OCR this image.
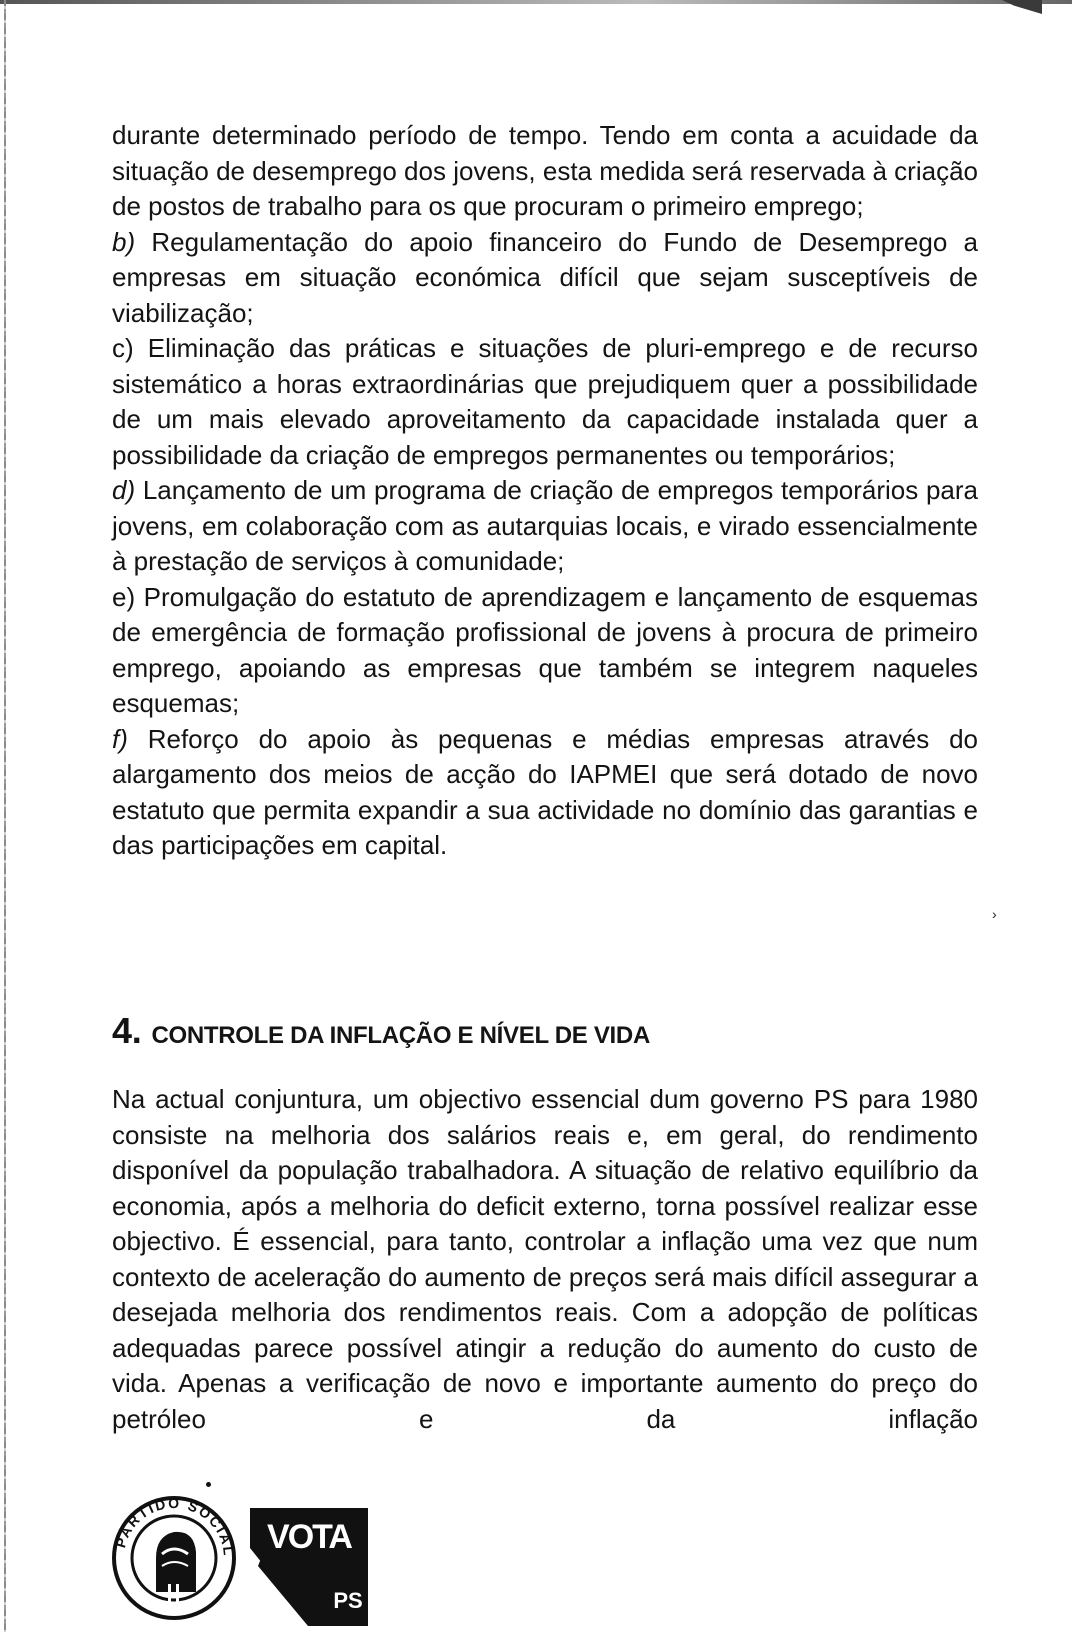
durante determinado período de tempo. Tendo em conta a acuidade da situação de desemprego dos jovens, esta medida será reservada à criação de postos de trabalho para os que procuram o primeiro emprego;

b) Regulamentação do apoio financeiro do Fundo de Desemprego a empresas em situação económica difícil que sejam susceptíveis de viabilização;

c) Eliminação das práticas e situações de pluri-emprego e de recurso sistemático a horas extraordinárias que prejudiquem quer a possibilidade de um mais elevado aproveitamento da capacidade instalada quer a possibilidade da criação de empregos permanentes ou temporários;

d) Lançamento de um programa de criação de empregos temporários para jovens, em colaboração com as autarquias locais, e virado essencialmente à prestação de serviços à comunidade;

e) Promulgação do estatuto de aprendizagem e lançamento de esquemas de emergência de formação profissional de jovens à procura de primeiro emprego, apoiando as empresas que também se integrem naqueles esquemas;

f) Reforço do apoio às pequenas e médias empresas através do alargamento dos meios de acção do IAPMEI que será dotado de novo estatuto que permita expandir a sua actividade no domínio das garantias e das participações em capital.

›
4. CONTROLE DA INFLAÇÃO E NÍVEL DE VIDA
Na actual conjuntura, um objectivo essencial dum governo PS para 1980 consiste na melhoria dos salários reais e, em geral, do rendimento disponível da população trabalhadora. A situação de relativo equilíbrio da economia, após a melhoria do deficit externo, torna possível realizar esse objectivo. É essencial, para tanto, controlar a inflação uma vez que num contexto de aceleração do aumento de preços será mais difícil assegurar a desejada melhoria dos rendimentos reais. Com a adopção de políticas adequadas parece possível atingir a redução do aumento do custo de vida. Apenas a verificação de novo e importante aumento do preço do petróleo e da inflação
PARTIDO SOCIAL VOTA
PS
